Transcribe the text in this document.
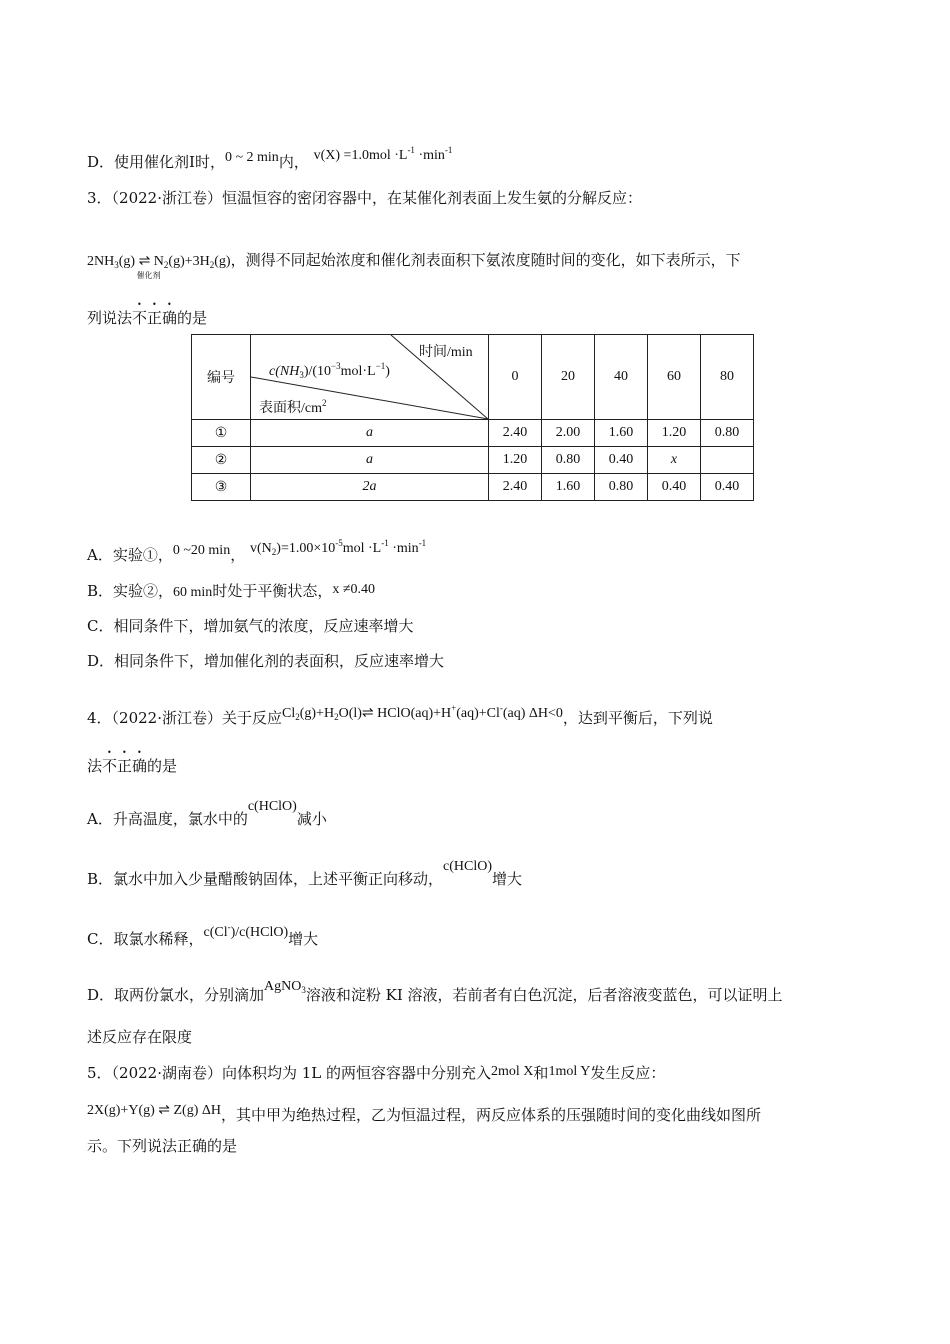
D．使用催化剂Ⅰ时，0 ~ 2 min内， $v(X) =1.0mol \cdot L^{-1} \cdot\min^{-1}$
3．（2022·浙江卷）恒温恒容的密闭容器中，在某催化剂表面上发生氨的分解反应：
$2NH_3(g)$ ⇌
催化剂
$N_2(g)+3H_2(g)$，测得不同起始浓度和催化剂表面积下氨浓度随时间的变化，如下表所示，下
列说法不正确的是
编号	时间/min
$c(NH_3)/(10^{-3}mol\cdot L^{-1})$
表面积$/cm^2$	0	20	40	60	80
①	a	2.40	2.00	1.60	1.20	0.80
②	a	1.20	0.80	0.40	x	
③	2a	2.40	1.60	0.80	0.40	0.40
A．实验①，0 ~20 min， $v(N_2)=1.00\times 10^{-5}mol \cdot L^{-1} \cdot\min^{-1}$
B．实验②，60 min时处于平衡状态，x ≠0.40
C．相同条件下，增加氨气的浓度，反应速率增大
D．相同条件下，增加催化剂的表面积，反应速率增大
4．（2022·浙江卷）关于反应$Cl_2(g)+H_2O(l)\rightleftharpoons$ HClO(aq)+H+(aq)+Cl-(aq) ΔH<0，达到平衡后，下列说
法不正确的是
A．升高温度，氯水中的c(HClO)减小
B．氯水中加入少量醋酸钠固体，上述平衡正向移动，c(HClO)增大
C．取氯水稀释，c(Cl-)/c(HClO)增大
D．取两份氯水，分别滴加AgNO$_3$溶液和淀粉 KI 溶液，若前者有白色沉淀，后者溶液变蓝色，可以证明上
述反应存在限度
5．（2022·湖南卷）向体积均为 1L 的两恒容容器中分别充入2mol X和1mol Y发生反应：
2X(g)+Y(g) ⇌ Z(g) ΔH，其中甲为绝热过程，乙为恒温过程，两反应体系的压强随时间的变化曲线如图所
示。下列说法正确的是
